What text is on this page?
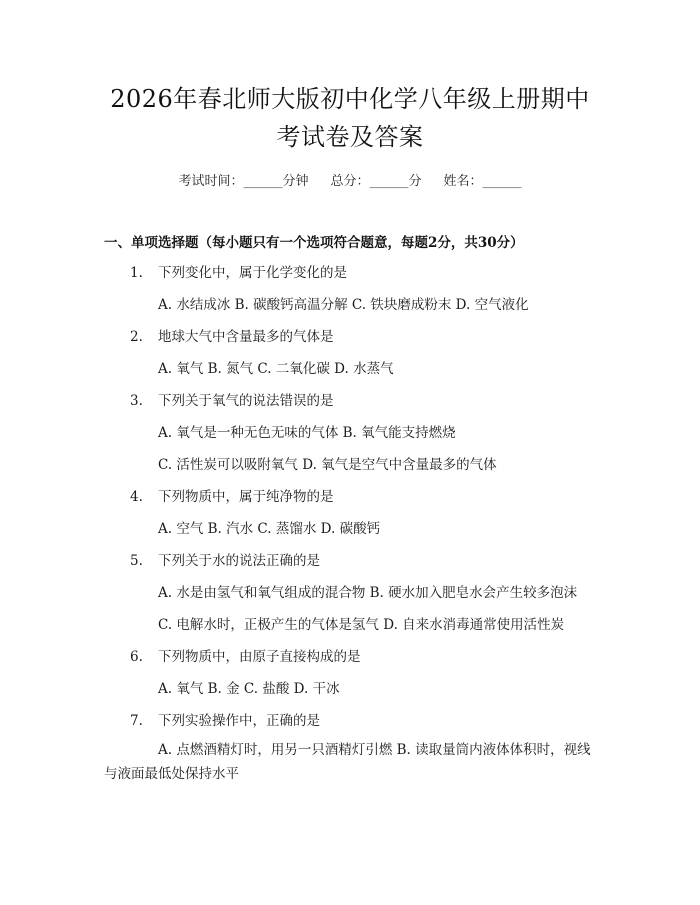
2026年春北师大版初中化学八年级上册期中
考试卷及答案
考试时间：______分钟 总分：______分 姓名：______
一、单项选择题（每小题只有一个选项符合题意，每题2分，共30分）
1. 下列变化中，属于化学变化的是
A. 水结成冰 B. 碳酸钙高温分解 C. 铁块磨成粉末 D. 空气液化
2. 地球大气中含量最多的气体是
A. 氧气 B. 氮气 C. 二氧化碳 D. 水蒸气
3. 下列关于氧气的说法错误的是
A. 氧气是一种无色无味的气体 B. 氧气能支持燃烧
C. 活性炭可以吸附氧气 D. 氧气是空气中含量最多的气体
4. 下列物质中，属于纯净物的是
A. 空气 B. 汽水 C. 蒸馏水 D. 碳酸钙
5. 下列关于水的说法正确的是
A. 水是由氢气和氧气组成的混合物 B. 硬水加入肥皂水会产生较多泡沫
C. 电解水时，正极产生的气体是氢气 D. 自来水消毒通常使用活性炭
6. 下列物质中，由原子直接构成的是
A. 氧气 B. 金 C. 盐酸 D. 干冰
7. 下列实验操作中，正确的是
A. 点燃酒精灯时，用另一只酒精灯引燃 B. 读取量筒内液体体积时，视线与液面最低处保持水平
